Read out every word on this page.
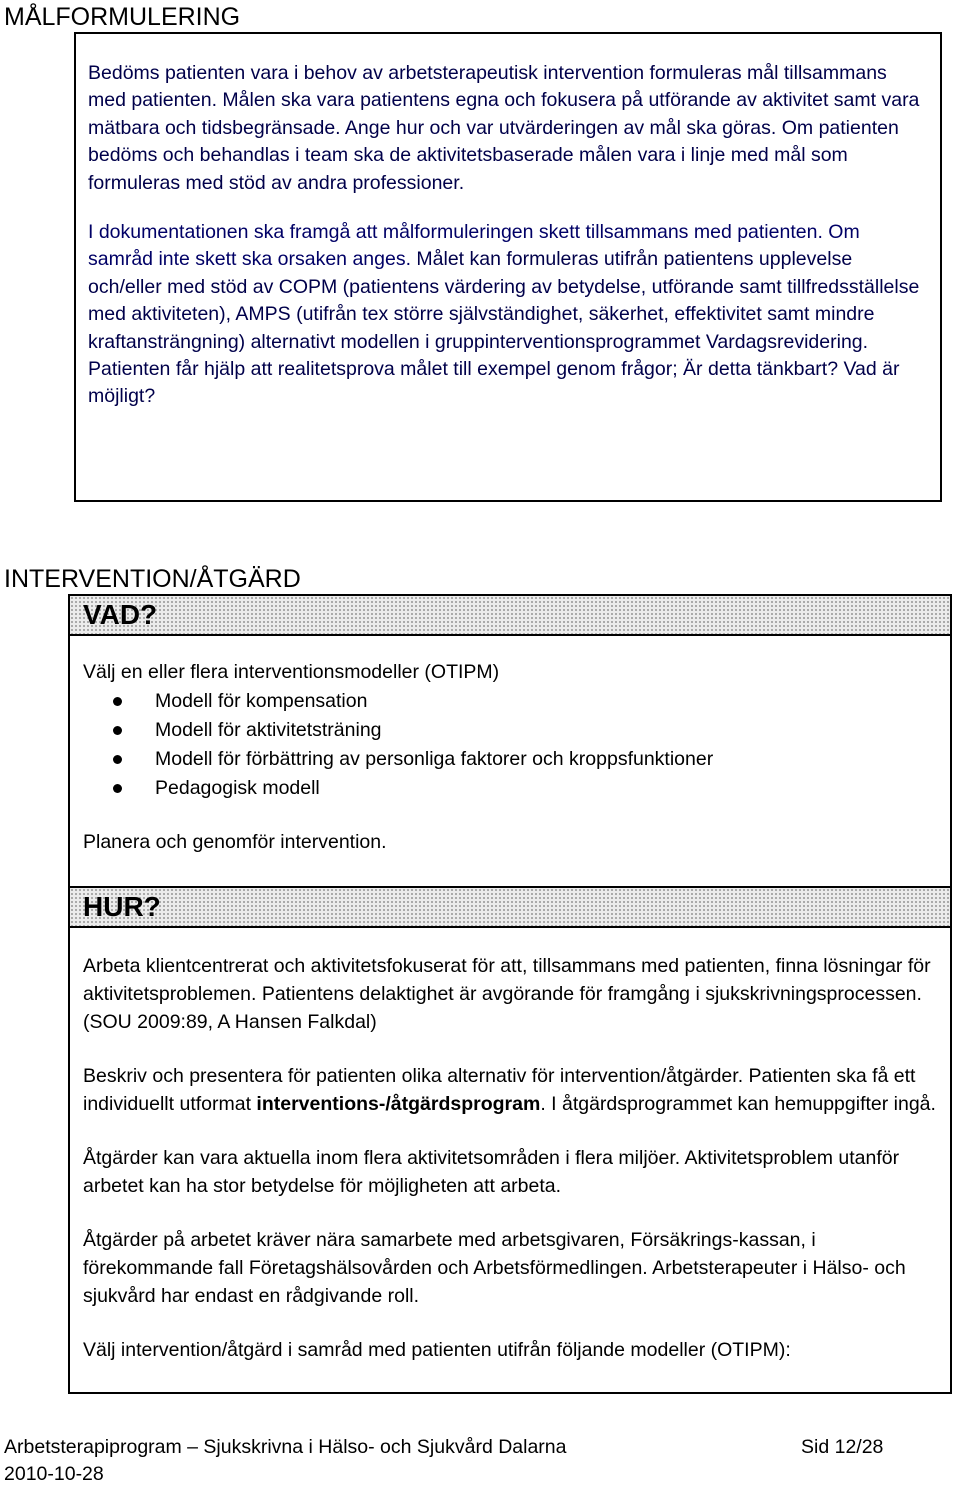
MÅLFORMULERING

Bedöms patienten vara i behov av arbetsterapeutisk intervention formuleras mål tillsammans med patienten. Målen ska vara patientens egna och fokusera på utförande av aktivitet samt vara mätbara och tidsbegränsade. Ange hur och var utvärderingen av mål ska göras. Om patienten bedöms och behandlas i team ska de aktivitetsbaserade målen vara i linje med mål som formuleras med stöd av andra professioner.

I dokumentationen ska framgå att målformuleringen skett tillsammans med patienten. Om samråd inte skett ska orsaken anges. Målet kan formuleras utifrån patientens upplevelse och/eller med stöd av COPM (patientens värdering av betydelse, utförande samt tillfredsställelse med aktiviteten), AMPS (utifrån tex större självständighet, säkerhet, effektivitet samt mindre kraftansträngning) alternativt modellen i gruppinterventionsprogrammet Vardagsrevidering. Patienten får hjälp att realitetsprova målet till exempel genom frågor; Är detta tänkbart? Vad är möjligt?

INTERVENTION/ÅTGÄRD
VAD?

Välj en eller flera interventionsmodeller (OTIPM)

Modell för kompensation
Modell för aktivitetsträning
Modell för förbättring av personliga faktorer och kroppsfunktioner
Pedagogisk modell

Planera och genomför intervention.

HUR?

Arbeta klientcentrerat och aktivitetsfokuserat för att, tillsammans med patienten, finna lösningar för aktivitetsproblemen. Patientens delaktighet är avgörande för framgång i sjukskrivningsprocessen. (SOU 2009:89, A Hansen Falkdal)

Beskriv och presentera för patienten olika alternativ för intervention/åtgärder. Patienten ska få ett individuellt utformat interventions-/åtgärdsprogram. I åtgärdsprogrammet kan hemuppgifter ingå.

Åtgärder kan vara aktuella inom flera aktivitetsområden i flera miljöer. Aktivitetsproblem utanför arbetet kan ha stor betydelse för möjligheten att arbeta.

Åtgärder på arbetet kräver nära samarbete med arbetsgivaren, Försäkrings-kassan, i förekommande fall Företagshälsovården och Arbetsförmedlingen. Arbetsterapeuter i Hälso- och sjukvård har endast en rådgivande roll.

Välj intervention/åtgärd i samråd med patienten utifrån följande modeller (OTIPM):

Arbetsterapiprogram – Sjukskrivna i Hälso- och Sjukvård Dalarna	Sid 12/28
2010-10-28
